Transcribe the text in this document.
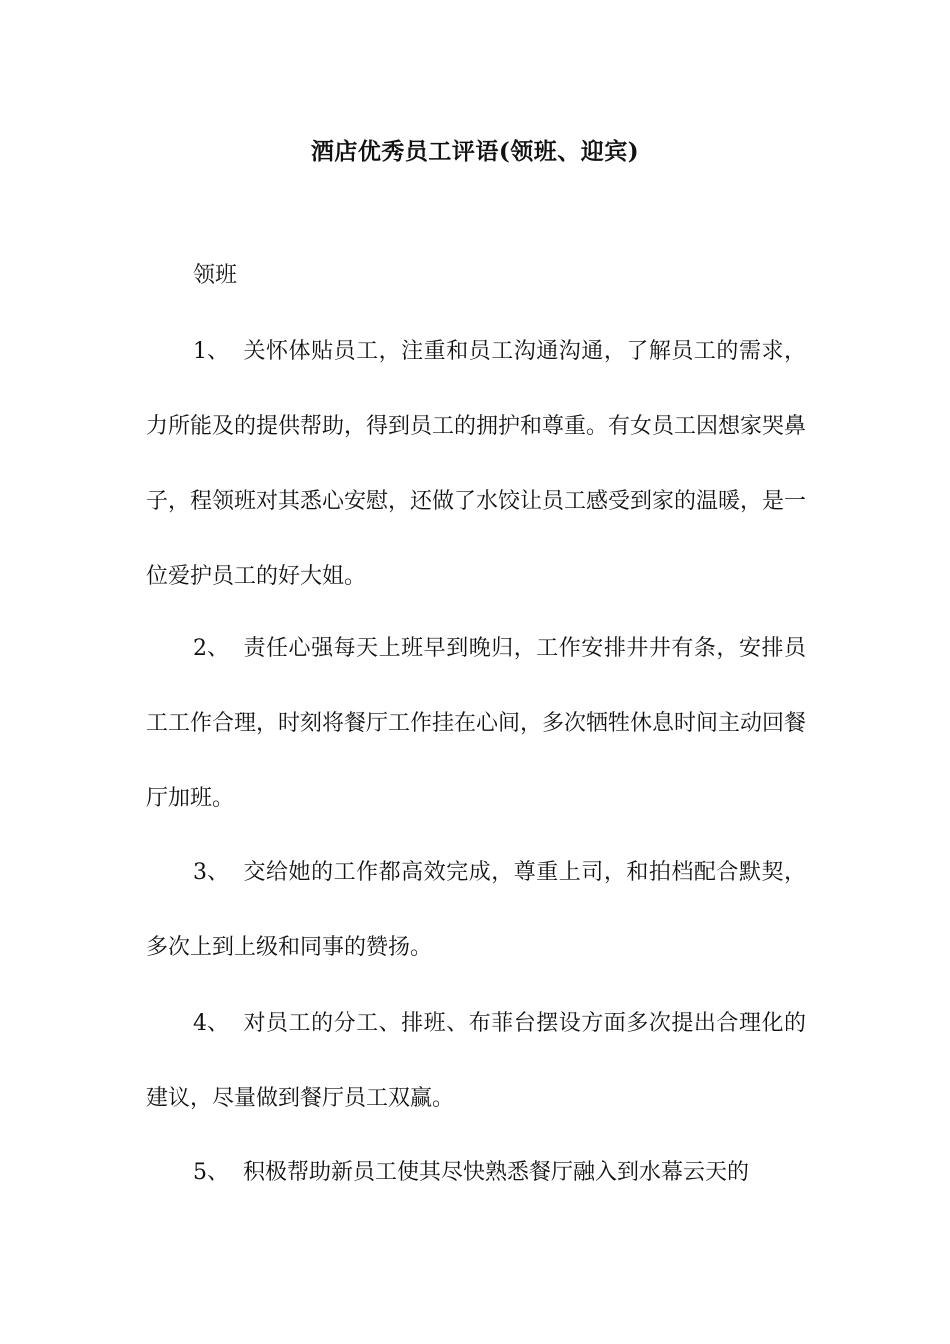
酒店优秀员工评语(领班、迎宾)
领班

1、 关怀体贴员工，注重和员工沟通沟通，了解员工的需求，力所能及的提供帮助，得到员工的拥护和尊重。有女员工因想家哭鼻子，程领班对其悉心安慰，还做了水饺让员工感受到家的温暖，是一位爱护员工的好大姐。

2、 责任心强每天上班早到晚归，工作安排井井有条，安排员工工作合理，时刻将餐厅工作挂在心间，多次牺牲休息时间主动回餐厅加班。

3、 交给她的工作都高效完成，尊重上司，和拍档配合默契，多次上到上级和同事的赞扬。

4、 对员工的分工、排班、布菲台摆设方面多次提出合理化的建议，尽量做到餐厅员工双赢。

5、 积极帮助新员工使其尽快熟悉餐厅融入到水幕云天的
